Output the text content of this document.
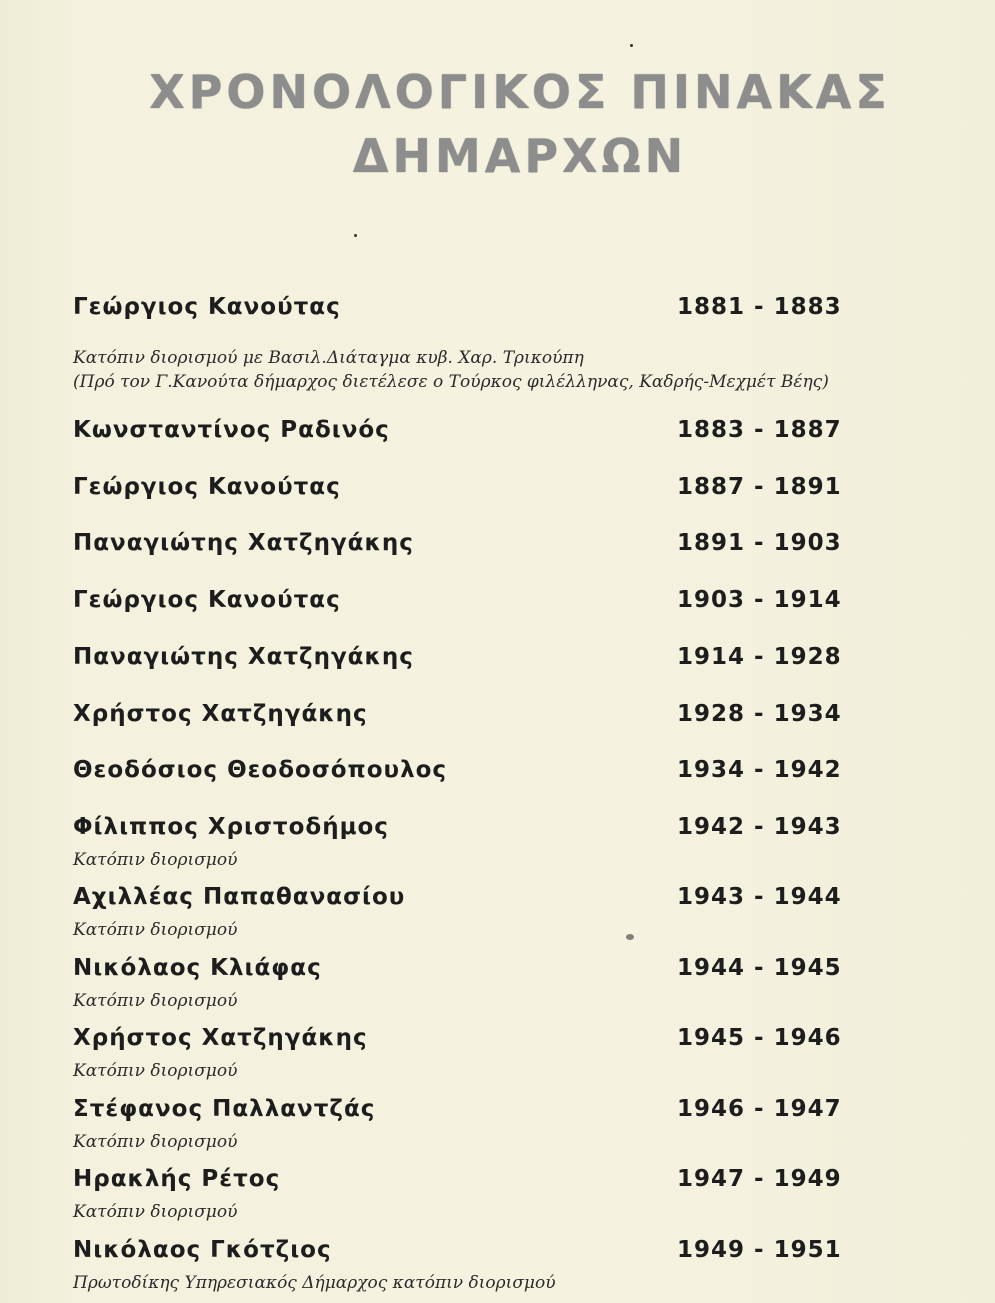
ΧΡΟΝΟΛΟΓΙΚΟΣ ΠΙΝΑΚΑΣ
ΔΗΜΑΡΧΩΝ
Γεώργιος Κανούτας	1881 - 1883
Κατόπιν διορισμού με Βασιλ.Διάταγμα κυβ. Χαρ. Τρικούπη
(Πρό τον Γ.Κανούτα δήμαρχος διετέλεσε ο Τούρκος φιλέλληνας, Καδρής-Μεχμέτ Βέης)
Κωνσταντίνος Ραδινός	1883 - 1887
Γεώργιος Κανούτας	1887 - 1891
Παναγιώτης Χατζηγάκης	1891 - 1903
Γεώργιος Κανούτας	1903 - 1914
Παναγιώτης Χατζηγάκης	1914 - 1928
Χρήστος Χατζηγάκης	1928 - 1934
Θεοδόσιος Θεοδοσόπουλος	1934 - 1942
Φίλιππος Χριστοδήμος	1942 - 1943
Κατόπιν διορισμού
Αχιλλέας Παπαθανασίου	1943 - 1944
Κατόπιν διορισμού
Νικόλαος Κλιάφας	1944 - 1945
Κατόπιν διορισμού
Χρήστος Χατζηγάκης	1945 - 1946
Κατόπιν διορισμού
Στέφανος Παλλαντζάς	1946 - 1947
Κατόπιν διορισμού
Ηρακλής Ρέτος	1947 - 1949
Κατόπιν διορισμού
Νικόλαος Γκότζιος	1949 - 1951
Πρωτοδίκης Υπηρεσιακός Δήμαρχος κατόπιν διορισμού
